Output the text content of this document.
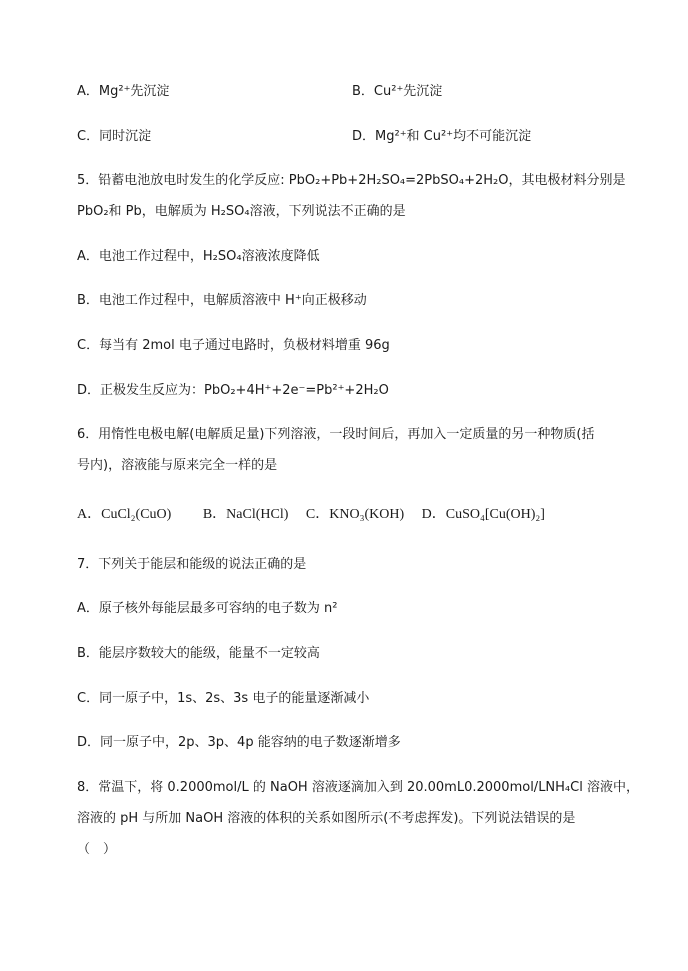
A．Mg²⁺先沉淀	B．Cu²⁺先沉淀
C．同时沉淀	D．Mg²⁺和 Cu²⁺均不可能沉淀
5．铅蓄电池放电时发生的化学反应: PbO₂+Pb+2H₂SO₄=2PbSO₄+2H₂O，其电极材料分别是
PbO₂和 Pb，电解质为 H₂SO₄溶液，下列说法不正确的是
A．电池工作过程中，H₂SO₄溶液浓度降低
B．电池工作过程中，电解质溶液中 H⁺向正极移动
C．每当有 2mol 电子通过电路时，负极材料增重 96g
D．正极发生反应为：PbO₂+4H⁺+2e⁻=Pb²⁺+2H₂O
6．用惰性电极电解(电解质足量)下列溶液，一段时间后，再加入一定质量的另一种物质(括
号内)，溶液能与原来完全一样的是
A．CuCl₂(CuO) B．NaCl(HCl) C．KNO₃(KOH) D．CuSO₄[Cu(OH)₂]
7．下列关于能层和能级的说法正确的是
A．原子核外每能层最多可容纳的电子数为 n²
B．能层序数较大的能级，能量不一定较高
C．同一原子中，1s、2s、3s 电子的能量逐渐减小
D．同一原子中，2p、3p、4p 能容纳的电子数逐渐增多
8．常温下，将 0.2000mol/L 的 NaOH 溶液逐滴加入到 20.00mL0.2000mol/LNH₄Cl 溶液中，
溶液的 pH 与所加 NaOH 溶液的体积的关系如图所示(不考虑挥发)。下列说法错误的是
（　）
